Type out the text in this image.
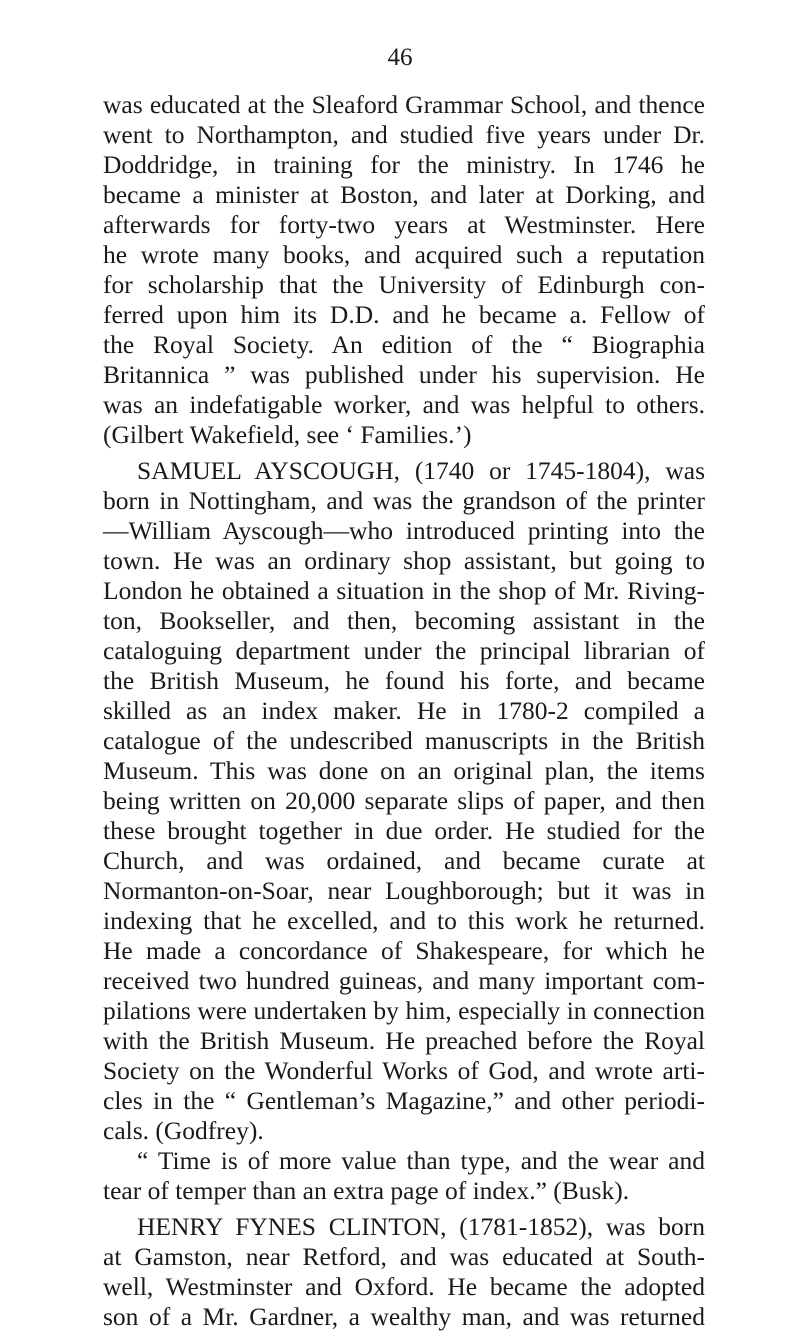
46
was educated at the Sleaford Grammar School, and thence
went to Northampton, and studied five years under Dr.
Doddridge, in training for the ministry. In 1746 he
became a minister at Boston, and later at Dorking, and
afterwards for forty-two years at Westminster. Here
he wrote many books, and acquired such a reputation
for scholarship that the University of Edinburgh con-
ferred upon him its D.D. and he became a. Fellow of
the Royal Society. An edition of the “ Biographia
Britannica ” was published under his supervision. He
was an indefatigable worker, and was helpful to others.
(Gilbert Wakefield, see ‘ Families.’)
SAMUEL AYSCOUGH, (1740 or 1745-1804), was
born in Nottingham, and was the grandson of the printer
—William Ayscough—who introduced printing into the
town. He was an ordinary shop assistant, but going to
London he obtained a situation in the shop of Mr. Riving-
ton, Bookseller, and then, becoming assistant in the
cataloguing department under the principal librarian of
the British Museum, he found his forte, and became
skilled as an index maker. He in 1780-2 compiled a
catalogue of the undescribed manuscripts in the British
Museum. This was done on an original plan, the items
being written on 20,000 separate slips of paper, and then
these brought together in due order. He studied for the
Church, and was ordained, and became curate at
Normanton-on-Soar, near Loughborough; but it was in
indexing that he excelled, and to this work he returned.
He made a concordance of Shakespeare, for which he
received two hundred guineas, and many important com-
pilations were undertaken by him, especially in connection
with the British Museum. He preached before the Royal
Society on the Wonderful Works of God, and wrote arti-
cles in the “ Gentleman’s Magazine,” and other periodi-
cals. (Godfrey).
“ Time is of more value than type, and the wear and
tear of temper than an extra page of index.” (Busk).
HENRY FYNES CLINTON, (1781-1852), was born
at Gamston, near Retford, and was educated at South-
well, Westminster and Oxford. He became the adopted
son of a Mr. Gardner, a wealthy man, and was returned
